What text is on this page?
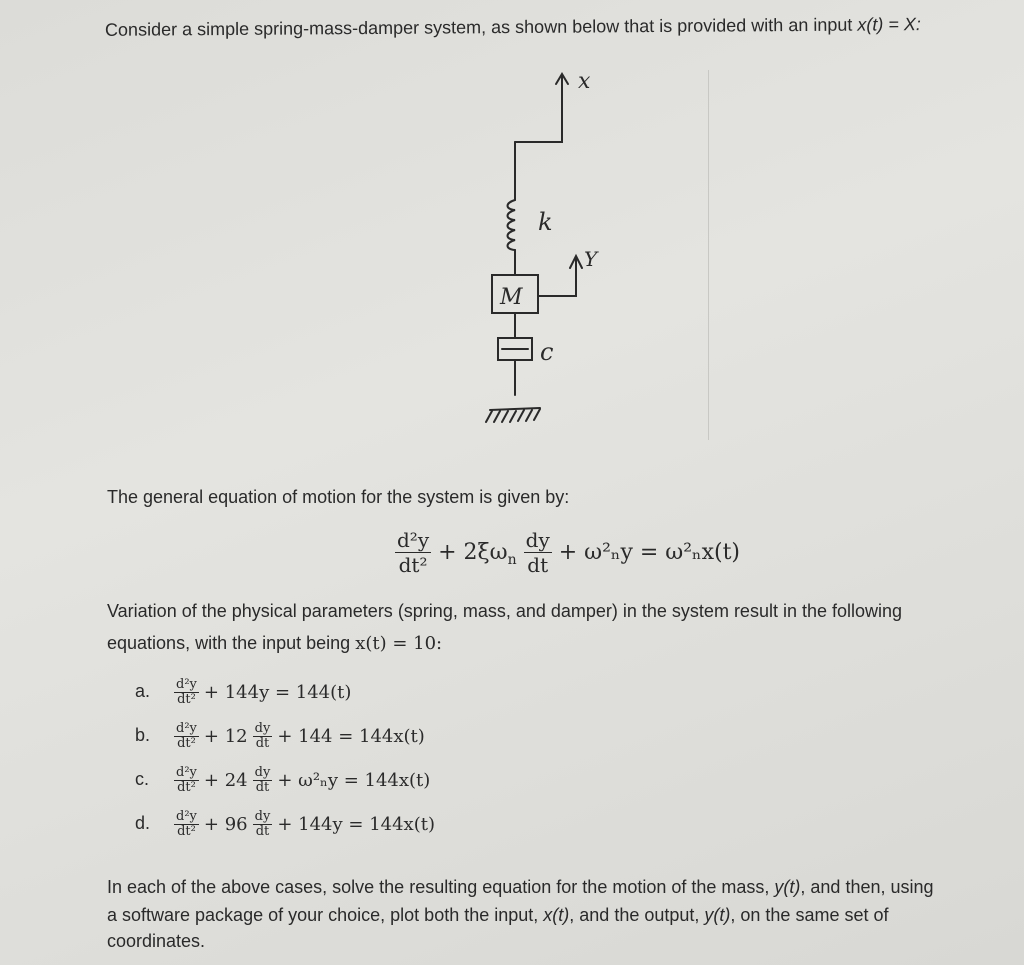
Consider a simple spring-mass-damper system, as shown below that is provided with an input x(t) = X:
x
k
Y
M
c
The general equation of motion for the system is given by:
$\frac{\text{d²y}}{\text{dt²}} + 2\xi\omega_n \frac{dy}{dt} + \omega^2_ny = \omega^2_nx(t)$
Variation of the physical parameters (spring, mass, and damper) in the system result in the following
equations, with the input being x(t) = 10:
a. $\frac{\text{d²y}}{\text{dt²}} + 144y = 144(t)$
b. $\frac{\text{d²y}}{\text{dt²}} + 12 \frac{dy}{dt} + 144 = 144x(t)$
c. $\frac{\text{d²y}}{\text{dt²}} + 24 \frac{dy}{dt} + \omega^2_ny = 144x(t)$
d. $\frac{\text{d²y}}{\text{dt²}} + 96 \frac{dy}{dt} + 144y = 144x(t)$
In each of the above cases, solve the resulting equation for the motion of the mass, y(t), and then, using
a software package of your choice, plot both the input, x(t), and the output, y(t), on the same set of
coordinates.
